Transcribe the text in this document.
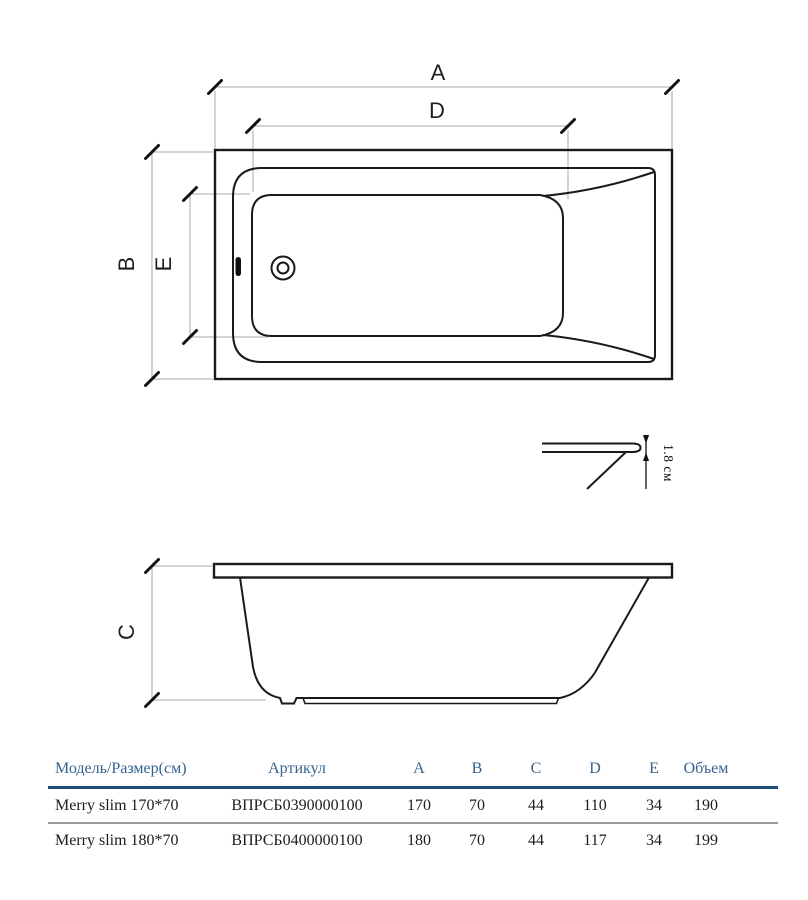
A
D
B E
1.8 см
C
Модель/Размер(см)	Артикул	A	B	C	D	E	Объем
Merry slim 170*70	ВПРСБ0390000100	170	70	44	110	34	190
Merry slim 180*70	ВПРСБ0400000100	180	70	44	117	34	199
